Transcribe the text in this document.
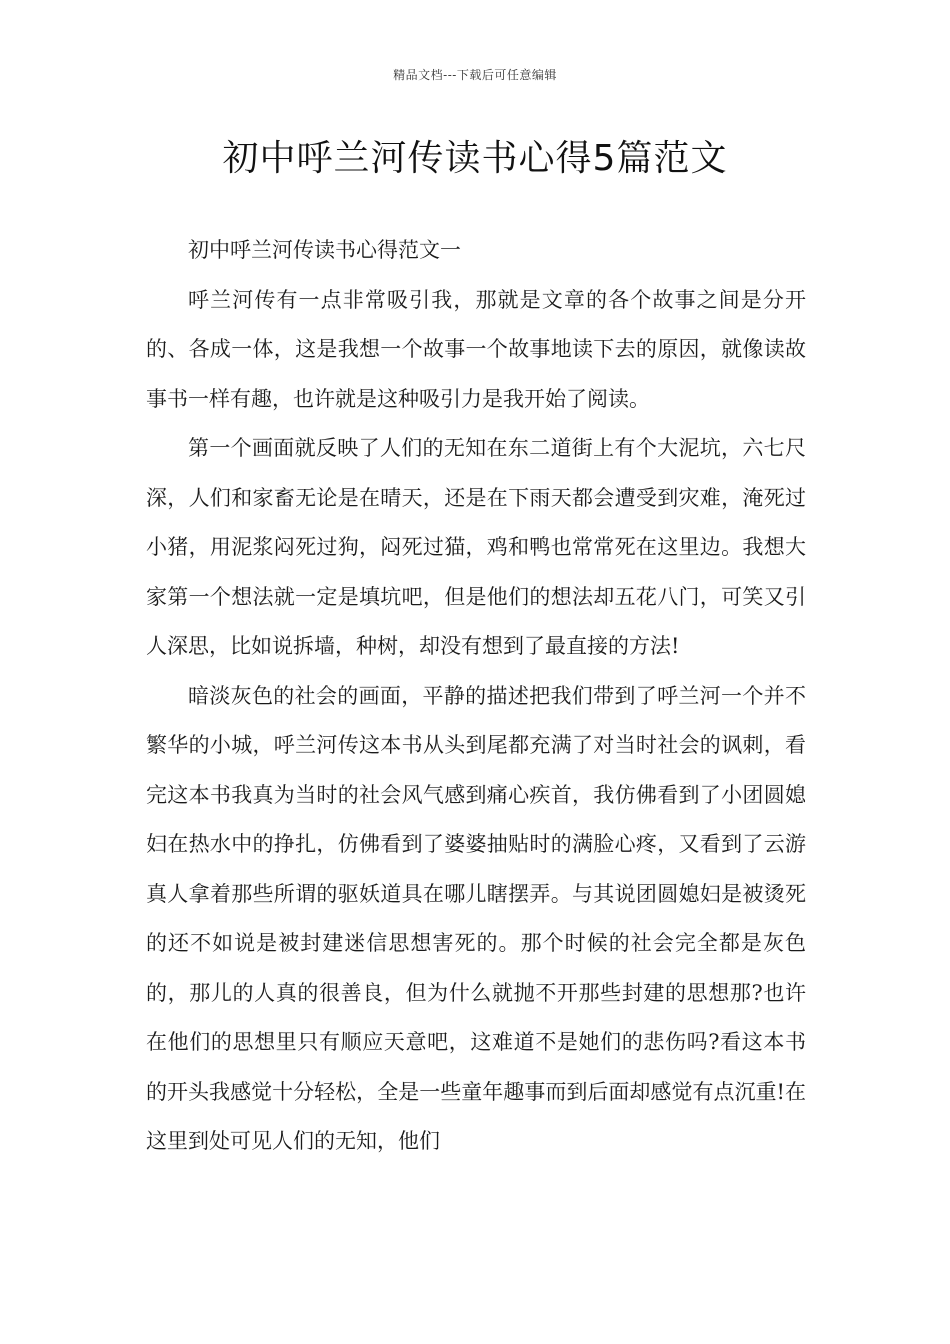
精品文档---下载后可任意编辑
初中呼兰河传读书心得5篇范文

初中呼兰河传读书心得范文一

呼兰河传有一点非常吸引我，那就是文章的各个故事之间是分开的、各成一体，这是我想一个故事一个故事地读下去的原因，就像读故事书一样有趣，也许就是这种吸引力是我开始了阅读。

第一个画面就反映了人们的无知在东二道街上有个大泥坑，六七尺深，人们和家畜无论是在晴天，还是在下雨天都会遭受到灾难，淹死过小猪，用泥浆闷死过狗，闷死过猫，鸡和鸭也常常死在这里边。我想大家第一个想法就一定是填坑吧，但是他们的想法却五花八门，可笑又引人深思，比如说拆墙，种树，却没有想到了最直接的方法!

暗淡灰色的社会的画面，平静的描述把我们带到了呼兰河一个并不繁华的小城，呼兰河传这本书从头到尾都充满了对当时社会的讽刺，看完这本书我真为当时的社会风气感到痛心疾首，我仿佛看到了小团圆媳妇在热水中的挣扎，仿佛看到了婆婆抽贴时的满脸心疼，又看到了云游真人拿着那些所谓的驱妖道具在哪儿瞎摆弄。与其说团圆媳妇是被烫死的还不如说是被封建迷信思想害死的。那个时候的社会完全都是灰色的，那儿的人真的很善良，但为什么就抛不开那些封建的思想那?也许在他们的思想里只有顺应天意吧，这难道不是她们的悲伤吗?看这本书的开头我感觉十分轻松，全是一些童年趣事而到后面却感觉有点沉重!在这里到处可见人们的无知，他们
